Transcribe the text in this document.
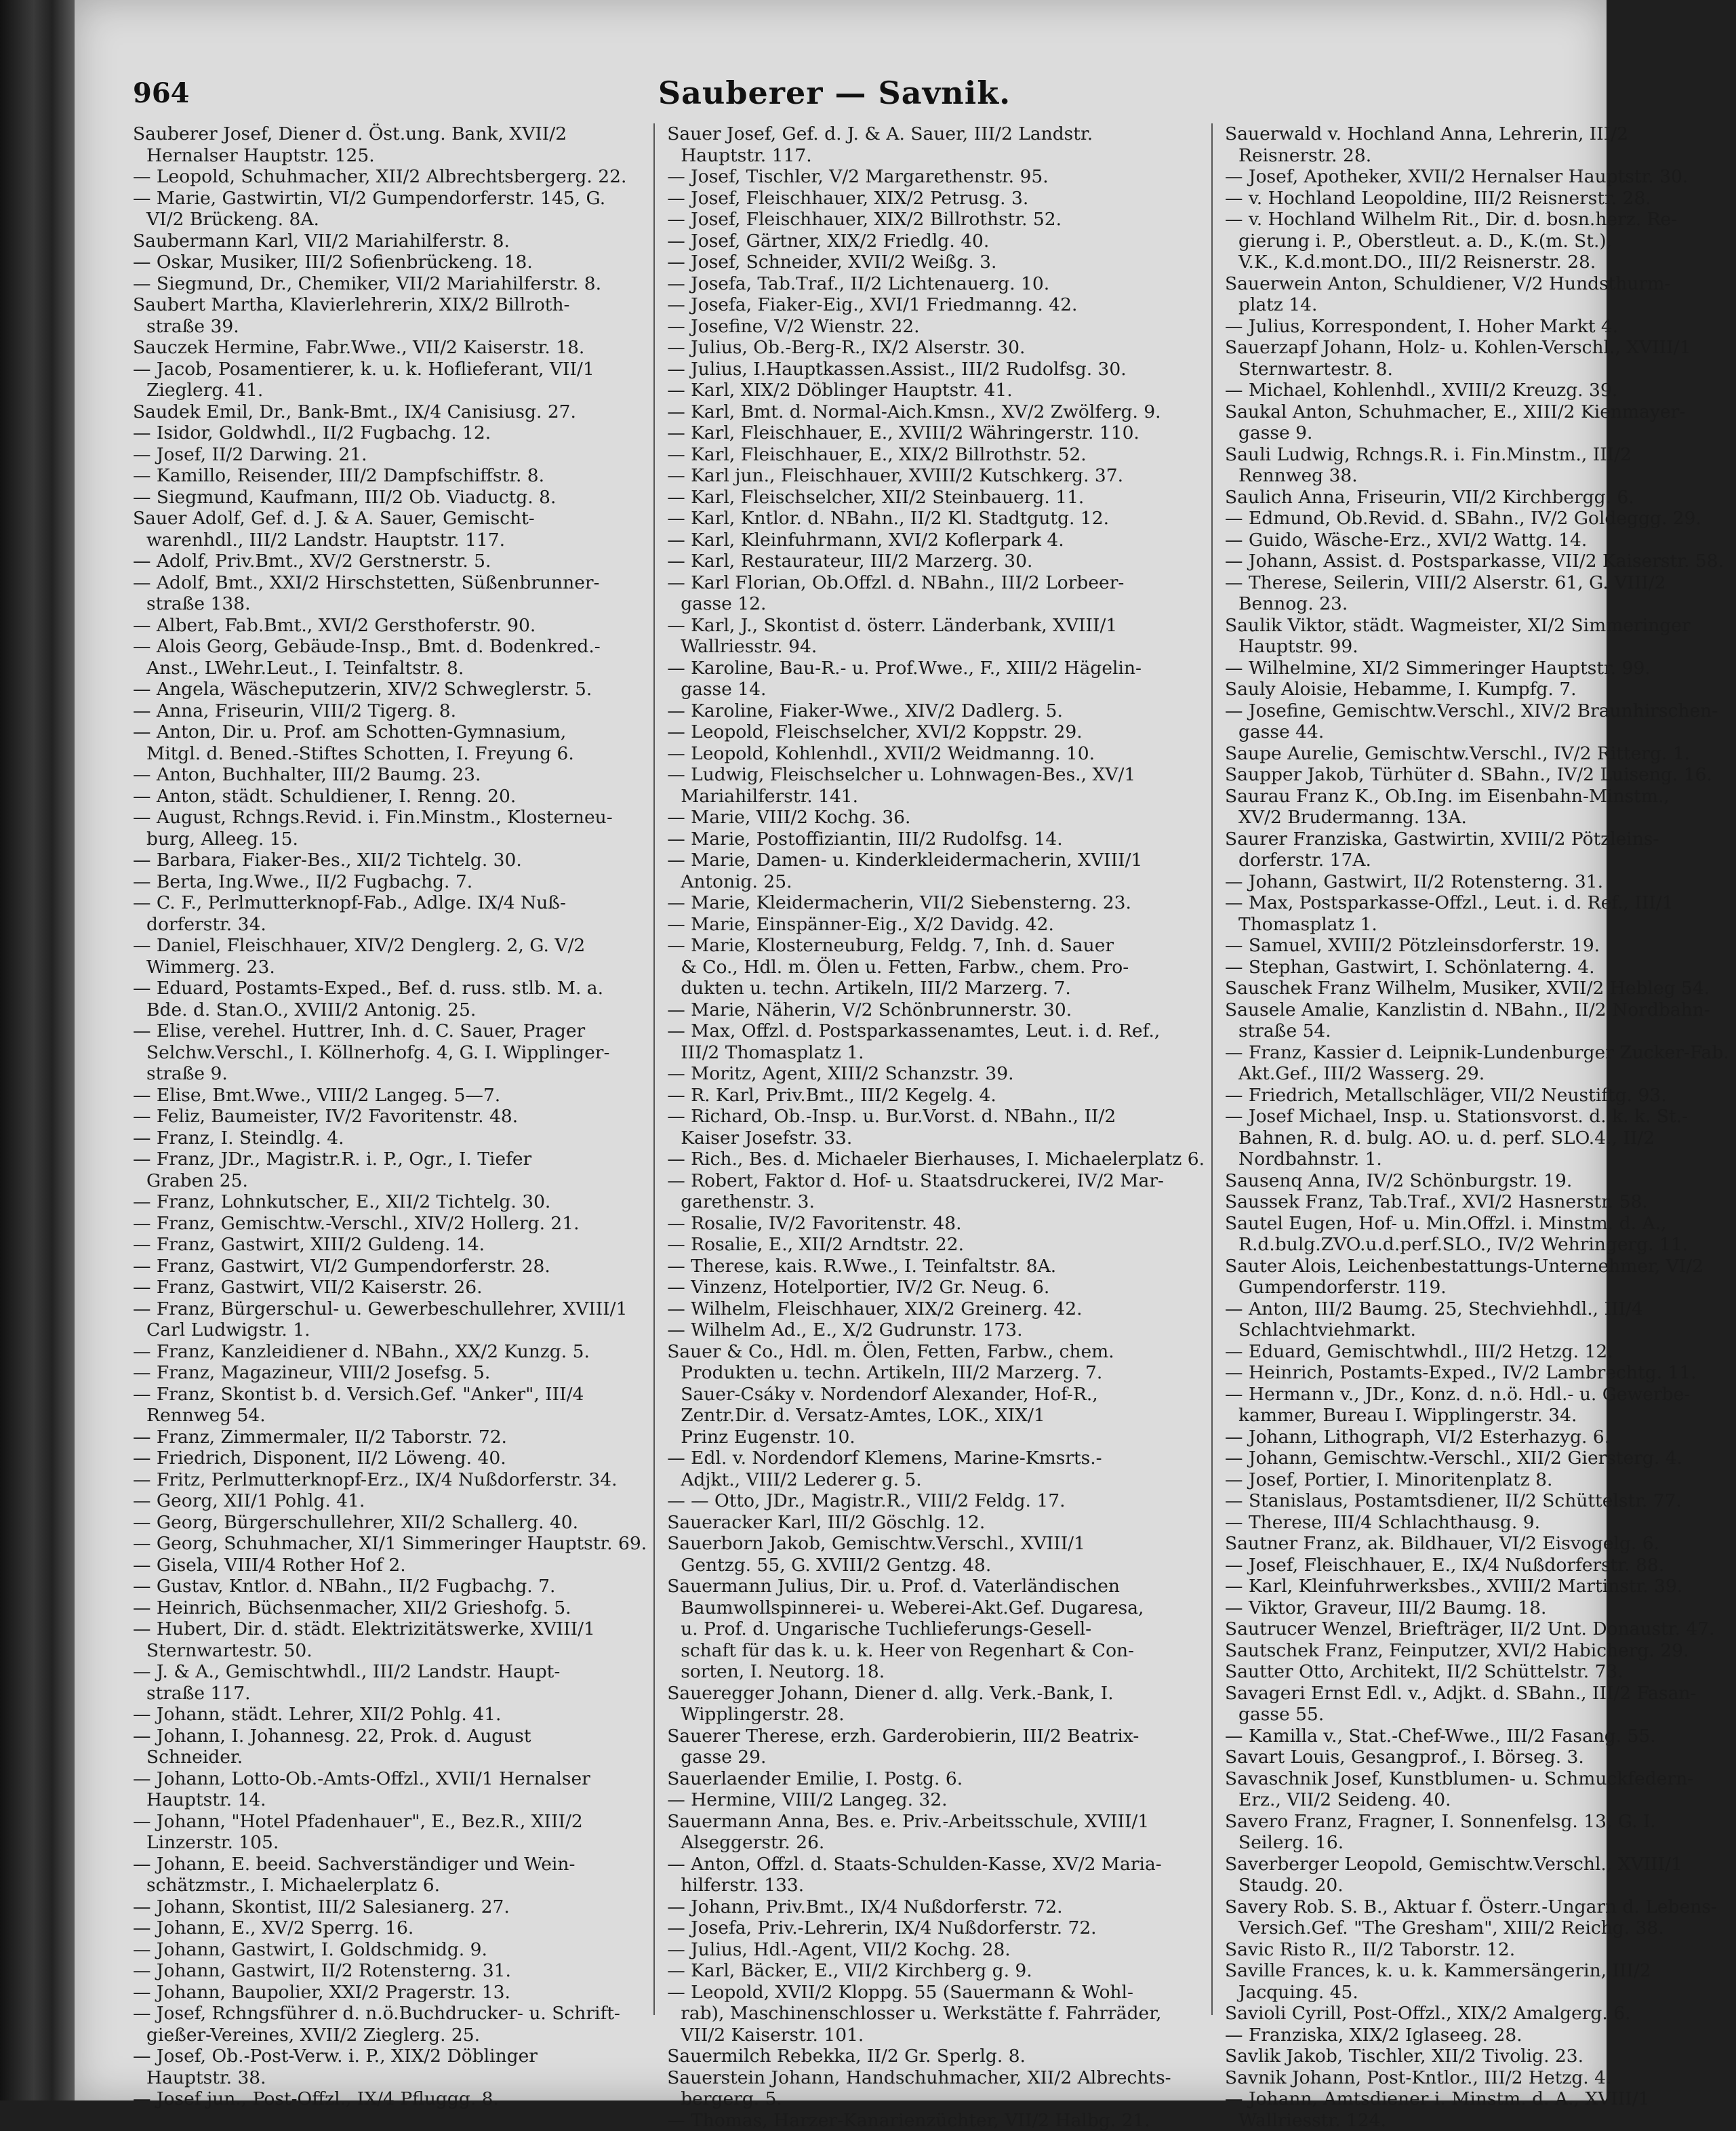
964	Sauberer — Savnik.

Sauberer Josef, Diener d. Öst.ung. Bank, XVII/2

Hernalser Hauptstr. 125.

— Leopold, Schuhmacher, XII/2 Albrechtsbergerg. 22.

— Marie, Gastwirtin, VI/2 Gumpendorferstr. 145, G.

VI/2 Brückeng. 8A.

Saubermann Karl, VII/2 Mariahilferstr. 8.

— Oskar, Musiker, III/2 Sofienbrückeng. 18.

— Siegmund, Dr., Chemiker, VII/2 Mariahilferstr. 8.

Saubert Martha, Klavierlehrerin, XIX/2 Billroth-

straße 39.

Sauczek Hermine, Fabr.Wwe., VII/2 Kaiserstr. 18.

— Jacob, Posamentierer, k. u. k. Hoflieferant, VII/1

Zieglerg. 41.

Saudek Emil, Dr., Bank-Bmt., IX/4 Canisiusg. 27.

— Isidor, Goldwhdl., II/2 Fugbachg. 12.

— Josef, II/2 Darwing. 21.

— Kamillo, Reisender, III/2 Dampfschiffstr. 8.

— Siegmund, Kaufmann, III/2 Ob. Viaductg. 8.

Sauer Adolf, Gef. d. J. & A. Sauer, Gemischt-

warenhdl., III/2 Landstr. Hauptstr. 117.

— Adolf, Priv.Bmt., XV/2 Gerstnerstr. 5.

— Adolf, Bmt., XXI/2 Hirschstetten, Süßenbrunner-

straße 138.

— Albert, Fab.Bmt., XVI/2 Gersthoferstr. 90.

— Alois Georg, Gebäude-Insp., Bmt. d. Bodenkred.-

Anst., LWehr.Leut., I. Teinfaltstr. 8.

— Angela, Wäscheputzerin, XIV/2 Schweglerstr. 5.

— Anna, Friseurin, VIII/2 Tigerg. 8.

— Anton, Dir. u. Prof. am Schotten-Gymnasium,

Mitgl. d. Bened.-Stiftes Schotten, I. Freyung 6.

— Anton, Buchhalter, III/2 Baumg. 23.

— Anton, städt. Schuldiener, I. Renng. 20.

— August, Rchngs.Revid. i. Fin.Minstm., Klosterneu-

burg, Alleeg. 15.

— Barbara, Fiaker-Bes., XII/2 Tichtelg. 30.

— Berta, Ing.Wwe., II/2 Fugbachg. 7.

— C. F., Perlmutterknopf-Fab., Adlge. IX/4 Nuß-

dorferstr. 34.

— Daniel, Fleischhauer, XIV/2 Denglerg. 2, G. V/2

Wimmerg. 23.

— Eduard, Postamts-Exped., Bef. d. russ. stlb. M. a.

Bde. d. Stan.O., XVIII/2 Antonig. 25.

— Elise, verehel. Huttrer, Inh. d. C. Sauer, Prager

Selchw.Verschl., I. Köllnerhofg. 4, G. I. Wipplinger-

straße 9.

— Elise, Bmt.Wwe., VIII/2 Langeg. 5—7.

— Feliz, Baumeister, IV/2 Favoritenstr. 48.

— Franz, I. Steindlg. 4.

— Franz, JDr., Magistr.R. i. P., Ogr., I. Tiefer

Graben 25.

— Franz, Lohnkutscher, E., XII/2 Tichtelg. 30.

— Franz, Gemischtw.-Verschl., XIV/2 Hollerg. 21.

— Franz, Gastwirt, XIII/2 Guldeng. 14.

— Franz, Gastwirt, VI/2 Gumpendorferstr. 28.

— Franz, Gastwirt, VII/2 Kaiserstr. 26.

— Franz, Bürgerschul- u. Gewerbeschullehrer, XVIII/1

Carl Ludwigstr. 1.

— Franz, Kanzleidiener d. NBahn., XX/2 Kunzg. 5.

— Franz, Magazineur, VIII/2 Josefsg. 5.

— Franz, Skontist b. d. Versich.Gef. "Anker", III/4

Rennweg 54.

— Franz, Zimmermaler, II/2 Taborstr. 72.

— Friedrich, Disponent, II/2 Löweng. 40.

— Fritz, Perlmutterknopf-Erz., IX/4 Nußdorferstr. 34.

— Georg, XII/1 Pohlg. 41.

— Georg, Bürgerschullehrer, XII/2 Schallerg. 40.

— Georg, Schuhmacher, XI/1 Simmeringer Hauptstr. 69.

— Gisela, VIII/4 Rother Hof 2.

— Gustav, Kntlor. d. NBahn., II/2 Fugbachg. 7.

— Heinrich, Büchsenmacher, XII/2 Grieshofg. 5.

— Hubert, Dir. d. städt. Elektrizitätswerke, XVIII/1

Sternwartestr. 50.

— J. & A., Gemischtwhdl., III/2 Landstr. Haupt-

straße 117.

— Johann, städt. Lehrer, XII/2 Pohlg. 41.

— Johann, I. Johannesg. 22, Prok. d. August

Schneider.

— Johann, Lotto-Ob.-Amts-Offzl., XVII/1 Hernalser

Hauptstr. 14.

— Johann, "Hotel Pfadenhauer", E., Bez.R., XIII/2

Linzerstr. 105.

— Johann, E. beeid. Sachverständiger und Wein-

schätzmstr., I. Michaelerplatz 6.

— Johann, Skontist, III/2 Salesianerg. 27.

— Johann, E., XV/2 Sperrg. 16.

— Johann, Gastwirt, I. Goldschmidg. 9.

— Johann, Gastwirt, II/2 Rotensterng. 31.

— Johann, Baupolier, XXI/2 Pragerstr. 13.

— Josef, Rchngsführer d. n.ö.Buchdrucker- u. Schrift-

gießer-Vereines, XVII/2 Zieglerg. 25.

— Josef, Ob.-Post-Verw. i. P., XIX/2 Döblinger

Hauptstr. 38.

— Josef jun., Post-Offzl., IX/4 Pfluggg. 8.

Sauer Josef, Gef. d. J. & A. Sauer, III/2 Landstr.

Hauptstr. 117.

— Josef, Tischler, V/2 Margarethenstr. 95.

— Josef, Fleischhauer, XIX/2 Petrusg. 3.

— Josef, Fleischhauer, XIX/2 Billrothstr. 52.

— Josef, Gärtner, XIX/2 Friedlg. 40.

— Josef, Schneider, XVII/2 Weißg. 3.

— Josefa, Tab.Traf., II/2 Lichtenauerg. 10.

— Josefa, Fiaker-Eig., XVI/1 Friedmanng. 42.

— Josefine, V/2 Wienstr. 22.

— Julius, Ob.-Berg-R., IX/2 Alserstr. 30.

— Julius, I.Hauptkassen.Assist., III/2 Rudolfsg. 30.

— Karl, XIX/2 Döblinger Hauptstr. 41.

— Karl, Bmt. d. Normal-Aich.Kmsn., XV/2 Zwölferg. 9.

— Karl, Fleischhauer, E., XVIII/2 Währingerstr. 110.

— Karl, Fleischhauer, E., XIX/2 Billrothstr. 52.

— Karl jun., Fleischhauer, XVIII/2 Kutschkerg. 37.

— Karl, Fleischselcher, XII/2 Steinbauerg. 11.

— Karl, Kntlor. d. NBahn., II/2 Kl. Stadtgutg. 12.

— Karl, Kleinfuhrmann, XVI/2 Koflerpark 4.

— Karl, Restaurateur, III/2 Marzerg. 30.

— Karl Florian, Ob.Offzl. d. NBahn., III/2 Lorbeer-

gasse 12.

— Karl, J., Skontist d. österr. Länderbank, XVIII/1

Wallriesstr. 94.

— Karoline, Bau-R.- u. Prof.Wwe., F., XIII/2 Hägelin-

gasse 14.

— Karoline, Fiaker-Wwe., XIV/2 Dadlerg. 5.

— Leopold, Fleischselcher, XVI/2 Koppstr. 29.

— Leopold, Kohlenhdl., XVII/2 Weidmanng. 10.

— Ludwig, Fleischselcher u. Lohnwagen-Bes., XV/1

Mariahilferstr. 141.

— Marie, VIII/2 Kochg. 36.

— Marie, Postoffiziantin, III/2 Rudolfsg. 14.

— Marie, Damen- u. Kinderkleidermacherin, XVIII/1

Antonig. 25.

— Marie, Kleidermacherin, VII/2 Siebensterng. 23.

— Marie, Einspänner-Eig., X/2 Davidg. 42.

— Marie, Klosterneuburg, Feldg. 7, Inh. d. Sauer

& Co., Hdl. m. Ölen u. Fetten, Farbw., chem. Pro-

dukten u. techn. Artikeln, III/2 Marzerg. 7.

— Marie, Näherin, V/2 Schönbrunnerstr. 30.

— Max, Offzl. d. Postsparkassenamtes, Leut. i. d. Ref.,

III/2 Thomasplatz 1.

— Moritz, Agent, XIII/2 Schanzstr. 39.

— R. Karl, Priv.Bmt., III/2 Kegelg. 4.

— Richard, Ob.-Insp. u. Bur.Vorst. d. NBahn., II/2

Kaiser Josefstr. 33.

— Rich., Bes. d. Michaeler Bierhauses, I. Michaelerplatz 6.

— Robert, Faktor d. Hof- u. Staatsdruckerei, IV/2 Mar-

garethenstr. 3.

— Rosalie, IV/2 Favoritenstr. 48.

— Rosalie, E., XII/2 Arndtstr. 22.

— Therese, kais. R.Wwe., I. Teinfaltstr. 8A.

— Vinzenz, Hotelportier, IV/2 Gr. Neug. 6.

— Wilhelm, Fleischhauer, XIX/2 Greinerg. 42.

— Wilhelm Ad., E., X/2 Gudrunstr. 173.

Sauer & Co., Hdl. m. Ölen, Fetten, Farbw., chem.

Produkten u. techn. Artikeln, III/2 Marzerg. 7.

Sauer-Csáky v. Nordendorf Alexander, Hof-R.,

Zentr.Dir. d. Versatz-Amtes, LOK., XIX/1

Prinz Eugenstr. 10.

— Edl. v. Nordendorf Klemens, Marine-Kmsrts.-

Adjkt., VIII/2 Lederer g. 5.

— — Otto, JDr., Magistr.R., VIII/2 Feldg. 17.

Saueracker Karl, III/2 Göschlg. 12.

Sauerborn Jakob, Gemischtw.Verschl., XVIII/1

Gentzg. 55, G. XVIII/2 Gentzg. 48.

Sauermann Julius, Dir. u. Prof. d. Vaterländischen

Baumwollspinnerei- u. Weberei-Akt.Gef. Dugaresa,

u. Prof. d. Ungarische Tuchlieferungs-Gesell-

schaft für das k. u. k. Heer von Regenhart & Con-

sorten, I. Neutorg. 18.

Saueregger Johann, Diener d. allg. Verk.-Bank, I.

Wipplingerstr. 28.

Sauerer Therese, erzh. Garderobierin, III/2 Beatrix-

gasse 29.

Sauerlaender Emilie, I. Postg. 6.

— Hermine, VIII/2 Langeg. 32.

Sauermann Anna, Bes. e. Priv.-Arbeitsschule, XVIII/1

Alseggerstr. 26.

— Anton, Offzl. d. Staats-Schulden-Kasse, XV/2 Maria-

hilferstr. 133.

— Johann, Priv.Bmt., IX/4 Nußdorferstr. 72.

— Josefa, Priv.-Lehrerin, IX/4 Nußdorferstr. 72.

— Julius, Hdl.-Agent, VII/2 Kochg. 28.

— Karl, Bäcker, E., VII/2 Kirchberg g. 9.

— Leopold, XVII/2 Kloppg. 55 (Sauermann & Wohl-

rab), Maschinenschlosser u. Werkstätte f. Fahrräder,

VII/2 Kaiserstr. 101.

Sauermilch Rebekka, II/2 Gr. Sperlg. 8.

Sauerstein Johann, Handschuhmacher, XII/2 Albrechts-

bergerg. 5.

— Thomas, Harzer-Kanarienzüchter, VII/2 Halbg. 21.

Sauerwald v. Hochland Anna, Lehrerin, III/2

Reisnerstr. 28.

— Josef, Apotheker, XVII/2 Hernalser Hauptstr. 30.

— v. Hochland Leopoldine, III/2 Reisnerstr. 28.

— v. Hochland Wilhelm Rit., Dir. d. bosn.herz. Re-

gierung i. P., Oberstleut. a. D., K.(m. St.),

V.K., K.d.mont.DO., III/2 Reisnerstr. 28.

Sauerwein Anton, Schuldiener, V/2 Hundsthurm-

platz 14.

— Julius, Korrespondent, I. Hoher Markt 4.

Sauerzapf Johann, Holz- u. Kohlen-Verschl., XVIII/1

Sternwartestr. 8.

— Michael, Kohlenhdl., XVIII/2 Kreuzg. 39.

Saukal Anton, Schuhmacher, E., XIII/2 Kienmayer-

gasse 9.

Sauli Ludwig, Rchngs.R. i. Fin.Minstm., III/2

Rennweg 38.

Saulich Anna, Friseurin, VII/2 Kirchbergg. 6.

— Edmund, Ob.Revid. d. SBahn., IV/2 Goldeggg. 29.

— Guido, Wäsche-Erz., XVI/2 Wattg. 14.

— Johann, Assist. d. Postsparkasse, VII/2 Kaiserstr. 58.

— Therese, Seilerin, VIII/2 Alserstr. 61, G. VIII/2

Bennog. 23.

Saulik Viktor, städt. Wagmeister, XI/2 Simmeringer

Hauptstr. 99.

— Wilhelmine, XI/2 Simmeringer Hauptstr. 99.

Sauly Aloisie, Hebamme, I. Kumpfg. 7.

— Josefine, Gemischtw.Verschl., XIV/2 Braunhirschen-

gasse 44.

Saupe Aurelie, Gemischtw.Verschl., IV/2 Ritterg. 1.

Saupper Jakob, Türhüter d. SBahn., IV/2 Luiseng. 16.

Saurau Franz K., Ob.Ing. im Eisenbahn-Minstm.,

XV/2 Brudermanng. 13A.

Saurer Franziska, Gastwirtin, XVIII/2 Pötzleins-

dorferstr. 17A.

— Johann, Gastwirt, II/2 Rotensterng. 31.

— Max, Postsparkasse-Offzl., Leut. i. d. Ref., III/1

Thomasplatz 1.

— Samuel, XVIII/2 Pötzleinsdorferstr. 19.

— Stephan, Gastwirt, I. Schönlaterng. 4.

Sauschek Franz Wilhelm, Musiker, XVII/2 Hebleg 54.

Sausele Amalie, Kanzlistin d. NBahn., II/2 Nordbahn-

straße 54.

— Franz, Kassier d. Leipnik-Lundenburger Zucker-Fab.

Akt.Gef., III/2 Wasserg. 29.

— Friedrich, Metallschläger, VII/2 Neustiftg. 93.

— Josef Michael, Insp. u. Stationsvorst. d. k. k. St.-

Bahnen, R. d. bulg. AO. u. d. perf. SLO.4., II/2

Nordbahnstr. 1.

Sausenq Anna, IV/2 Schönburgstr. 19.

Saussek Franz, Tab.Traf., XVI/2 Hasnerstr. 58.

Sautel Eugen, Hof- u. Min.Offzl. i. Minstm. d. A.,

R.d.bulg.ZVO.u.d.perf.SLO., IV/2 Wehringerg. 11.

Sauter Alois, Leichenbestattungs-Unternehmer, VI/2

Gumpendorferstr. 119.

— Anton, III/2 Baumg. 25, Stechviehhdl., III/4

Schlachtviehmarkt.

— Eduard, Gemischtwhdl., III/2 Hetzg. 12.

— Heinrich, Postamts-Exped., IV/2 Lambrechtg. 11.

— Hermann v., JDr., Konz. d. n.ö. Hdl.- u. Gewerbe-

kammer, Bureau I. Wipplingerstr. 34.

— Johann, Lithograph, VI/2 Esterhazyg. 6.

— Johann, Gemischtw.-Verschl., XII/2 Giersterg. 4.

— Josef, Portier, I. Minoritenplatz 8.

— Stanislaus, Postamtsdiener, II/2 Schüttelstr. 77.

— Therese, III/4 Schlachthausg. 9.

Sautner Franz, ak. Bildhauer, VI/2 Eisvogelg. 6.

— Josef, Fleischhauer, E., IX/4 Nußdorferstr. 88.

— Karl, Kleinfuhrwerksbes., XVIII/2 Martinstr. 39.

— Viktor, Graveur, III/2 Baumg. 18.

Sautrucer Wenzel, Briefträger, II/2 Unt. Donaustr. 47.

Sautschek Franz, Feinputzer, XVI/2 Habicherg. 29.

Sautter Otto, Architekt, II/2 Schüttelstr. 73.

Savageri Ernst Edl. v., Adjkt. d. SBahn., III/2 Fasan-

gasse 55.

— Kamilla v., Stat.-Chef-Wwe., III/2 Fasang. 55.

Savart Louis, Gesangprof., I. Börseg. 3.

Savaschnik Josef, Kunstblumen- u. Schmuckfedern-

Erz., VII/2 Seideng. 40.

Savero Franz, Fragner, I. Sonnenfelsg. 13, G. I.

Seilerg. 16.

Saverberger Leopold, Gemischtw.Verschl., XVIII/1

Staudg. 20.

Savery Rob. S. B., Aktuar f. Österr.-Ungarn d. Lebens-

Versich.Gef. "The Gresham", XIII/2 Reichg. 38.

Savic Risto R., II/2 Taborstr. 12.

Saville Frances, k. u. k. Kammersängerin, III/2

Jacquing. 45.

Savioli Cyrill, Post-Offzl., XIX/2 Amalgerg. 6.

— Franziska, XIX/2 Iglaseeg. 28.

Savlik Jakob, Tischler, XII/2 Tivolig. 23.

Savnik Johann, Post-Kntlor., III/2 Hetzg. 4.

— Johann, Amtsdiener i. Minstm. d. A., XVIII/1

Wallriesstr. 124.
